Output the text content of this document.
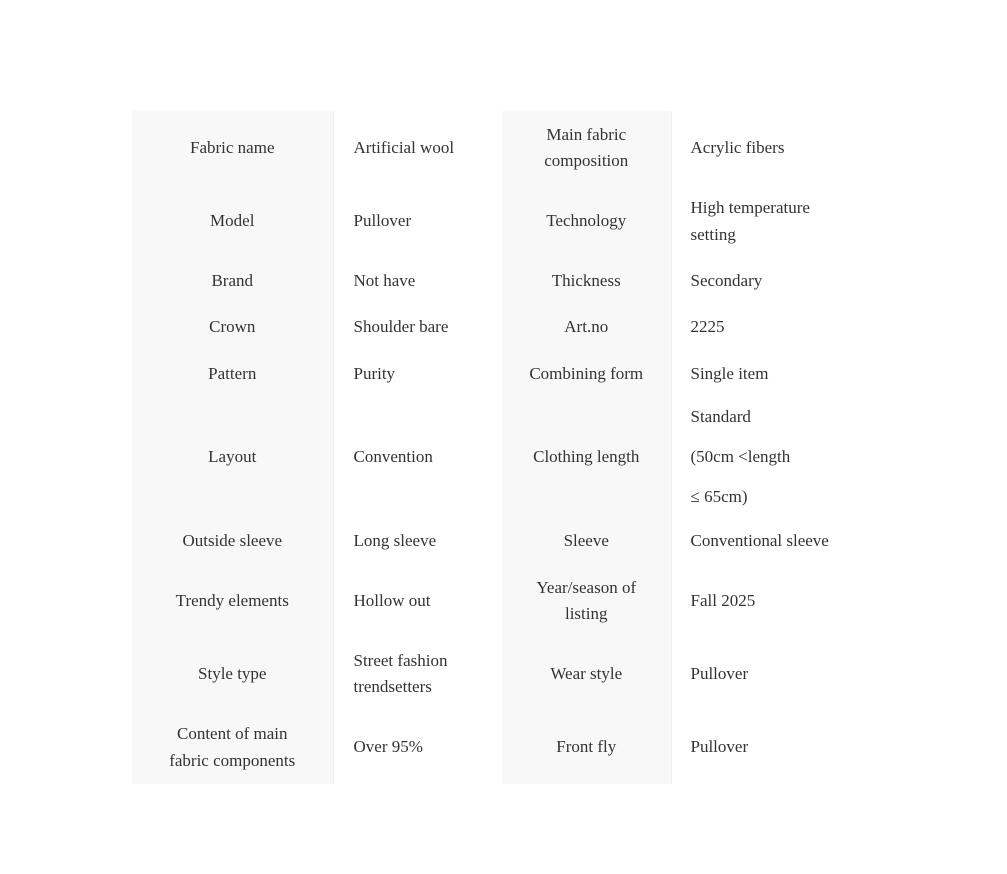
Fabric name	Artificial wool	Main fabric composition	Acrylic fibers
Model	Pullover	Technology	High temperature setting

Brand	Not have	Thickness	Secondary
Crown	Shoulder bare	Art.no	2225
Pattern	Purity	Combining form	Single item
Layout	Convention	Clothing length	Standard (50cm <length ≤ 65cm)

Outside sleeve	Long sleeve	Sleeve	Conventional sleeve
Trendy elements	Hollow out	Year/season of listing	Fall 2025
Style type	Street fashion trendsetters	Wear style	Pullover

Content of main fabric components	Over 95%	Front fly	Pullover
